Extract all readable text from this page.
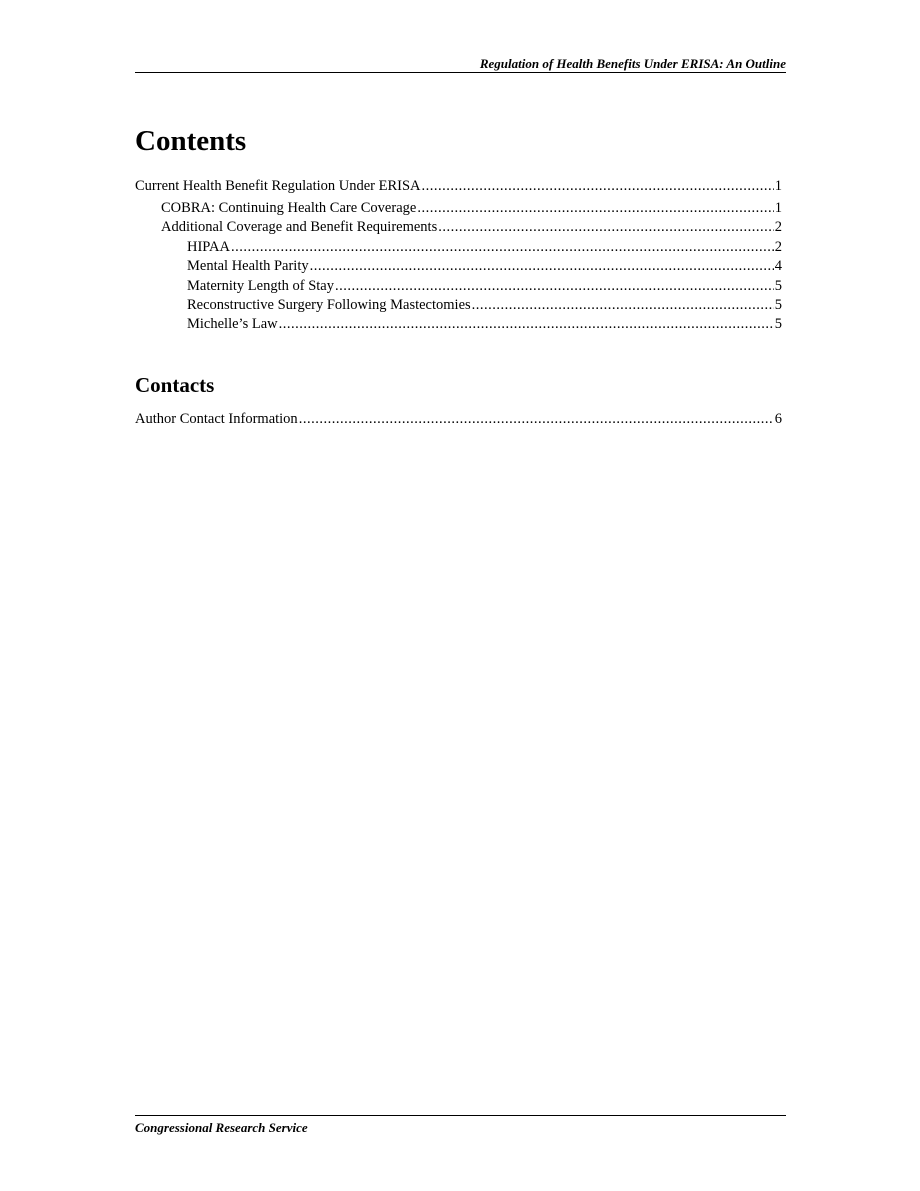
Regulation of Health Benefits Under ERISA: An Outline
Contents
Current Health Benefit Regulation Under ERISA .....	1
COBRA: Continuing Health Care Coverage .....	1
Additional Coverage and Benefit Requirements .....	2
HIPAA .....	2
Mental Health Parity .....	4
Maternity Length of Stay .....	5
Reconstructive Surgery Following Mastectomies .....	5
Michelle’s Law .....	5
Contacts
Author Contact Information .....	6
Congressional Research Service
